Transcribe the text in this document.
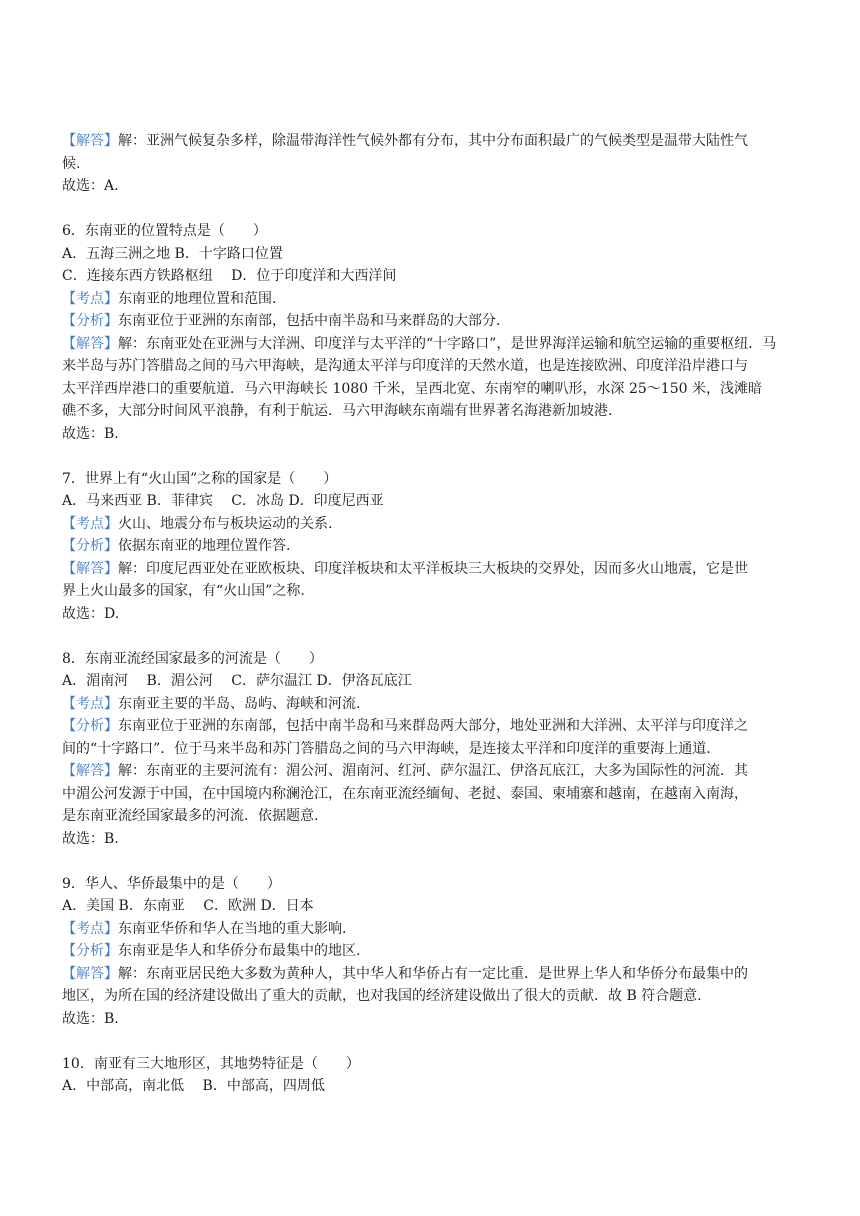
【解答】解：亚洲气候复杂多样，除温带海洋性气候外都有分布，其中分布面积最广的气候类型是温带大陆性气

候.

故选：A.

6．东南亚的位置特点是（　　）

A．五海三洲之地 B．十字路口位置

C．连接东西方铁路枢纽　 D．位于印度洋和大西洋间

【考点】东南亚的地理位置和范围.

【分析】东南亚位于亚洲的东南部，包括中南半岛和马来群岛的大部分.

【解答】解：东南亚处在亚洲与大洋洲、印度洋与太平洋的“十字路口”，是世界海洋运输和航空运输的重要枢纽．马

来半岛与苏门答腊岛之间的马六甲海峡，是沟通太平洋与印度洋的天然水道，也是连接欧洲、印度洋沿岸港口与

太平洋西岸港口的重要航道．马六甲海峡长 1080 千米，呈西北宽、东南窄的喇叭形，水深 25～150 米，浅滩暗

礁不多，大部分时间风平浪静，有利于航运．马六甲海峡东南端有世界著名海港新加坡港.

故选：B.

7．世界上有“火山国”之称的国家是（　　）

A．马来西亚 B．菲律宾　 C．冰岛 D．印度尼西亚

【考点】火山、地震分布与板块运动的关系.

【分析】依据东南亚的地理位置作答.

【解答】解：印度尼西亚处在亚欧板块、印度洋板块和太平洋板块三大板块的交界处，因而多火山地震，它是世

界上火山最多的国家，有“火山国”之称.

故选：D.

8．东南亚流经国家最多的河流是（　　）

A．湄南河　 B．湄公河　 C．萨尔温江 D．伊洛瓦底江

【考点】东南亚主要的半岛、岛屿、海峡和河流.

【分析】东南亚位于亚洲的东南部，包括中南半岛和马来群岛两大部分，地处亚洲和大洋洲、太平洋与印度洋之

间的“十字路口”．位于马来半岛和苏门答腊岛之间的马六甲海峡，是连接太平洋和印度洋的重要海上通道.

【解答】解：东南亚的主要河流有：湄公河、湄南河、红河、萨尔温江、伊洛瓦底江，大多为国际性的河流．其

中湄公河发源于中国，在中国境内称澜沧江，在东南亚流经缅甸、老挝、泰国、柬埔寨和越南，在越南入南海，

是东南亚流经国家最多的河流．依据题意.

故选：B.

9．华人、华侨最集中的是（　　）

A．美国 B．东南亚　 C．欧洲 D．日本

【考点】东南亚华侨和华人在当地的重大影响.

【分析】东南亚是华人和华侨分布最集中的地区.

【解答】解：东南亚居民绝大多数为黄种人，其中华人和华侨占有一定比重．是世界上华人和华侨分布最集中的

地区，为所在国的经济建设做出了重大的贡献，也对我国的经济建设做出了很大的贡献．故 B 符合题意.

故选：B.

10．南亚有三大地形区，其地势特征是（　　）

A．中部高，南北低　 B．中部高，四周低
